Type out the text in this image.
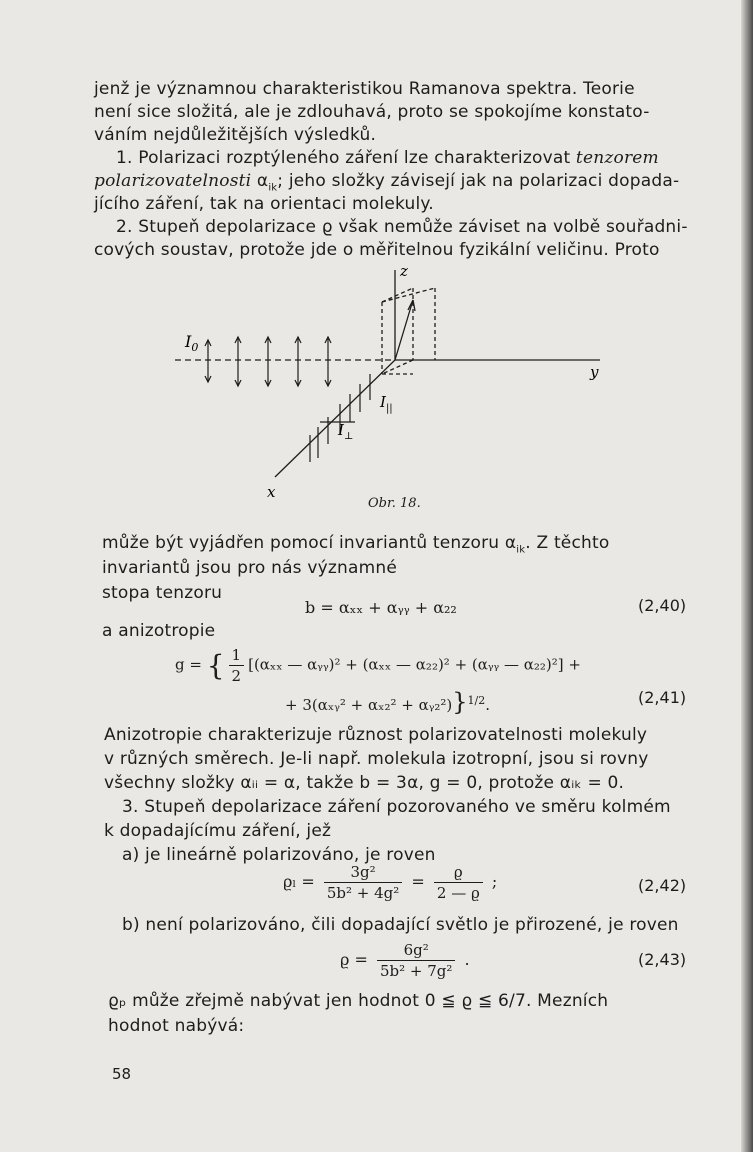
jenž je významnou charakteristikou Ramanova spektra. Teorie
není sice složitá, ale je zdlouhavá, proto se spokojíme konstato-
váním nejdůležitějších výsledků.
1. Polarizaci rozptýleného záření lze charakterizovat tenzorem
polarizovatelnosti $\alpha_{ik}$; jeho složky závisejí jak na polarizaci dopada-
jícího záření, tak na orientaci molekuly.
2. Stupeň depolarizace ϱ však nemůže záviset na volbě souřadni-
cových soustav, protože jde o měřitelnou fyzikální veličinu. Proto
$I_0$
z
y
x
$I_{||}$
$I_\perp$
Obr. 18.
může být vyjádřen pomocí invariantů tenzoru $\alpha_{ik}$. Z těchto
invariantů jsou pro nás významné
stopa tenzoru
b = αₓₓ + αᵧᵧ + α₂₂	(2,40)
a anizotropie
g = { $\frac{1}{2} [(\alpha_{xx}$ — αᵧᵧ)² + (αₓₓ — α₂₂)² + (αᵧᵧ — α₂₂)²] +
+ 3(αₓᵧ² + αₓ₂² + αᵧ₂²)}$^{1/2}$.	(2,41)
Anizotropie charakterizuje různost polarizovatelnosti molekuly
v různých směrech. Je-li např. molekula izotropní, jsou si rovny
všechny složky αᵢᵢ = α, takže b = 3α, g = 0, protože αᵢₖ = 0.
3. Stupeň depolarizace záření pozorovaného ve směru kolmém
k dopadajícímu záření, jež
a) je lineárně polarizováno, je roven
$ϱ_l = \frac{\text{3g²}}{\text{5b² + 4g²}} = \frac{ϱ}{2 — ϱ}$ ;	(2,42)
b) není polarizováno, čili dopadající světlo je přirozené, je roven
$ϱ = \frac{\text{6g²}}{\text{5b² + 7g²}}$ .	(2,43)
ϱₚ může zřejmě nabývat jen hodnot 0 ≦ ϱ ≦ 6/7. Mezních
hodnot nabývá:
58
